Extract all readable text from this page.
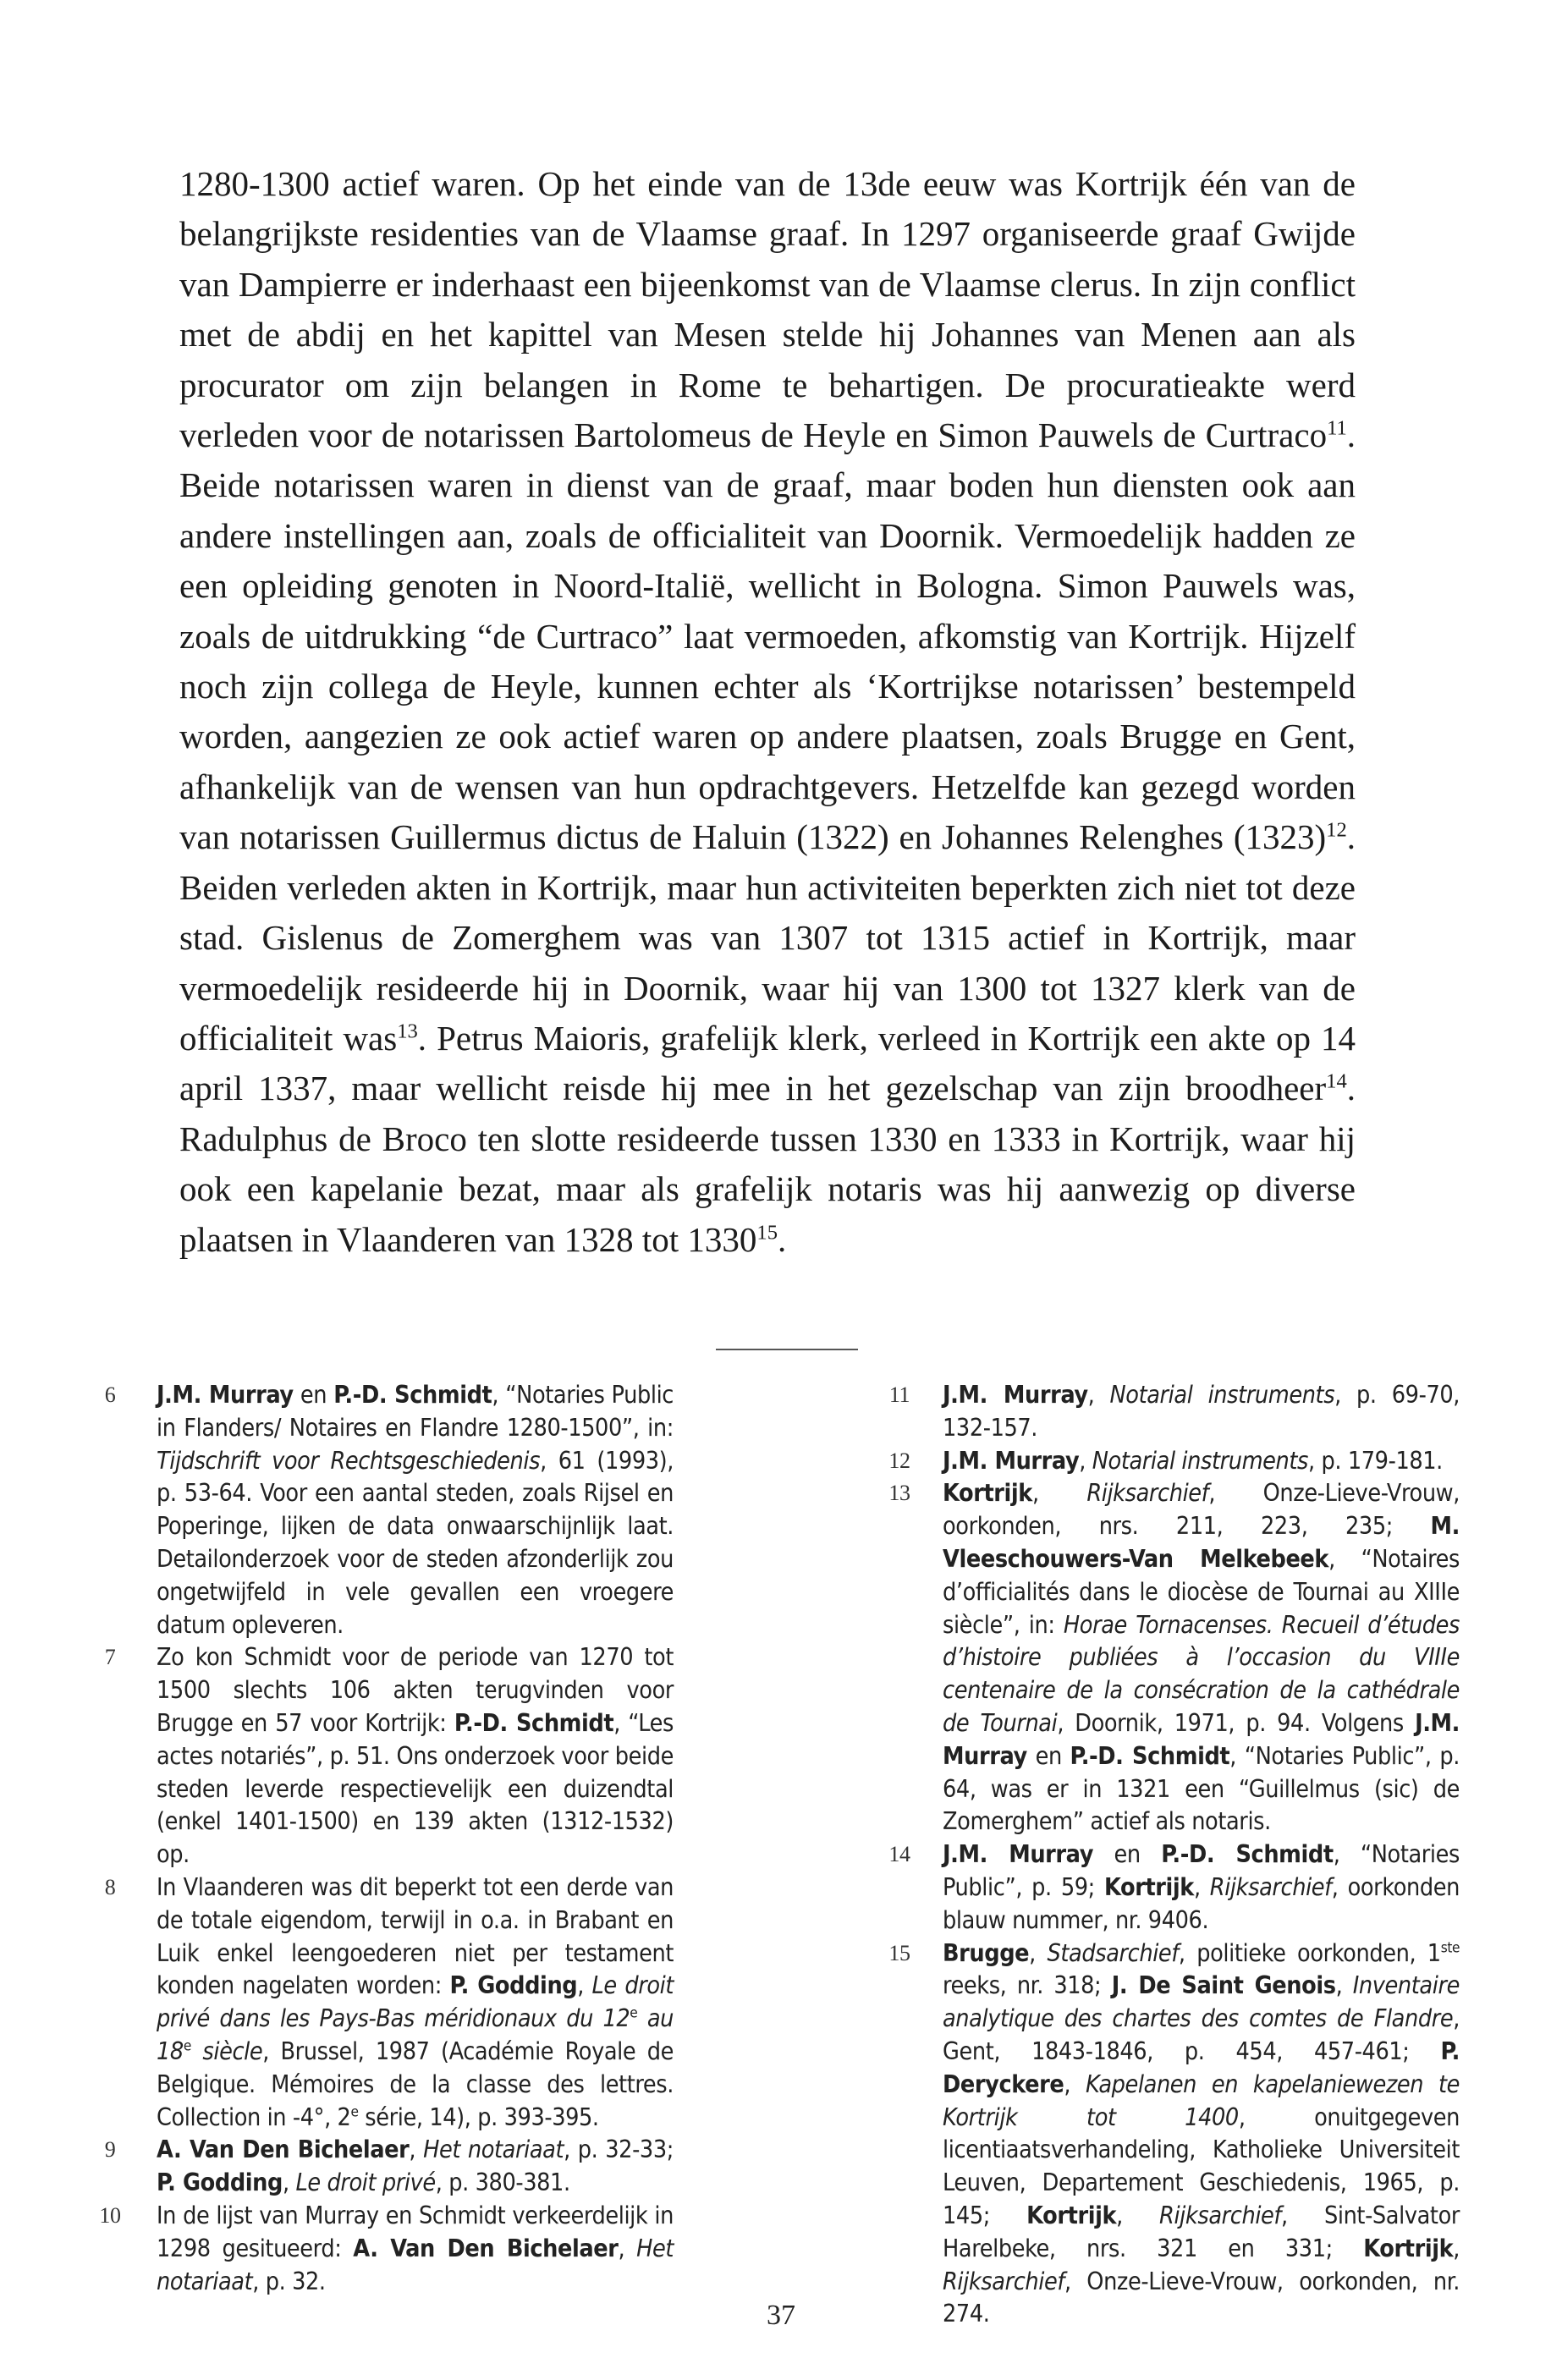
1280-1300 actief waren. Op het einde van de 13de eeuw was Kortrijk één van de belangrijkste residenties van de Vlaamse graaf. In 1297 organiseerde graaf Gwijde van Dampierre er inderhaast een bijeenkomst van de Vlaamse clerus. In zijn conflict met de abdij en het kapittel van Mesen stelde hij Johannes van Menen aan als procurator om zijn belangen in Rome te behartigen. De procuratieakte werd verleden voor de notarissen Bartolomeus de Heyle en Simon Pauwels de Curtraco$^{11}$. Beide notarissen waren in dienst van de graaf, maar boden hun diensten ook aan andere instellingen aan, zoals de officialiteit van Doornik. Vermoedelijk hadden ze een opleiding genoten in Noord-Italië, wellicht in Bologna. Simon Pauwels was, zoals de uitdrukking “de Curtraco” laat vermoeden, afkomstig van Kortrijk. Hijzelf noch zijn collega de Heyle, kunnen echter als ‘Kortrijkse notarissen’ bestempeld worden, aangezien ze ook actief waren op andere plaatsen, zoals Brugge en Gent, afhankelijk van de wensen van hun opdrachtgevers. Hetzelfde kan gezegd worden van notarissen Guillermus dictus de Haluin (1322) en Johannes Relenghes $(1323)^{12}$. Beiden verleden akten in Kortrijk, maar hun activiteiten beperkten zich niet tot deze stad. Gislenus de Zomerghem was van 1307 tot 1315 actief in Kortrijk, maar vermoedelijk resideerde hij in Doornik, waar hij van 1300 tot 1327 klerk van de officialiteit was$^{13}$. Petrus Maioris, grafelijk klerk, verleed in Kortrijk een akte op 14 april 1337, maar wellicht reisde hij mee in het gezelschap van zijn broodheer$^{14}$. Radulphus de Broco ten slotte resideerde tussen 1330 en 1333 in Kortrijk, waar hij ook een kapelanie bezat, maar als grafelijk notaris was hij aanwezig op diverse plaatsen in Vlaanderen van 1328 tot 1330$^{15}$.

6	J.M. Murray en P.-D. Schmidt, “Notaries Public in Flanders/ Notaires en Flandre 1280-1500”, in: Tijdschrift voor Rechtsgeschiedenis, 61 (1993), p. 53-64. Voor een aantal steden, zoals Rijsel en Poperinge, lijken de data onwaarschijnlijk laat. Detailonderzoek voor de steden afzonderlijk zou ongetwijfeld in vele gevallen een vroegere datum opleveren.
7	Zo kon Schmidt voor de periode van 1270 tot 1500 slechts 106 akten terugvinden voor Brugge en 57 voor Kortrijk: P.-D. Schmidt, “Les actes notariés”, p. 51. Ons onderzoek voor beide steden leverde respectievelijk een duizendtal (enkel 1401-1500) en 139 akten (1312-1532) op.
8	In Vlaanderen was dit beperkt tot een derde van de totale eigendom, terwijl in o.a. in Brabant en Luik enkel leengoederen niet per testament konden nagelaten worden: P. Godding, Le droit privé dans les Pays-Bas méridionaux du 12e au 18e siècle, Brussel, 1987 (Académie Royale de Belgique. Mémoires de la classe des lettres. Collection in -4°, 2e série, 14), p. 393-395.
9	A. Van Den Bichelaer, Het notariaat, p. 32-33; P. Godding, Le droit privé, p. 380-381.
10	In de lijst van Murray en Schmidt verkeerdelijk in 1298 gesitueerd: A. Van Den Bichelaer, Het notariaat, p. 32.
11	J.M. Murray, Notarial instruments, p. 69-70, 132-157.
12	J.M. Murray, Notarial instruments, p. 179-181.
13	Kortrijk, Rijksarchief, Onze-Lieve-Vrouw, oorkonden, nrs. 211, 223, 235; M. Vleeschouwers-Van Melkebeek, “Notaires d’officialités dans le diocèse de Tournai au XIIIe siècle”, in: Horae Tornacenses. Recueil d’études d’histoire publiées à l’occasion du VIIIe centenaire de la consécration de la cathédrale de Tournai, Doornik, 1971, p. 94. Volgens J.M. Murray en P.-D. Schmidt, “Notaries Public”, p. 64, was er in 1321 een “Guillelmus (sic) de Zomerghem” actief als notaris.
14	J.M. Murray en P.-D. Schmidt, “Notaries Public”, p. 59; Kortrijk, Rijksarchief, oorkonden blauw nummer, nr. 9406.
15	Brugge, Stadsarchief, politieke oorkonden, 1ste reeks, nr. 318; J. De Saint Genois, Inventaire analytique des chartes des comtes de Flandre, Gent, 1843-1846, p. 454, 457-461; P. Deryckere, Kapelanen en kapelaniewezen te Kortrijk tot 1400, onuitgegeven licentiaatsverhandeling, Katholieke Universiteit Leuven, Departement Geschiedenis, 1965, p. 145; Kortrijk, Rijksarchief, Sint-Salvator Harelbeke, nrs. 321 en 331; Kortrijk, Rijksarchief, Onze-Lieve-Vrouw, oorkonden, nr. 274.
37
